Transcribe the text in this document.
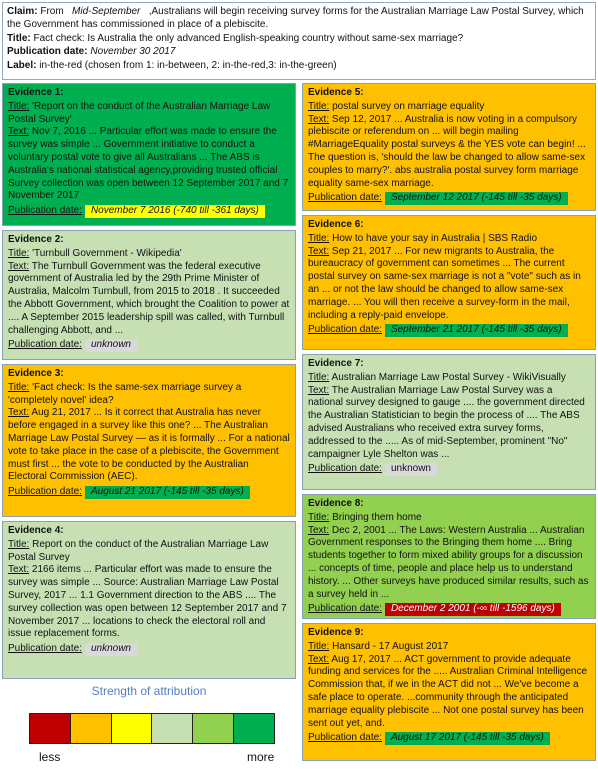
Claim: From Mid-September ,Australians will begin receiving survey forms for the Australian Marriage Law Postal Survey, which the Government has commissioned in place of a plebiscite.

Title: Fact check: Is Australia the only advanced English-speaking country without same-sex marriage?

Publication date: November 30 2017

Label: in-the-red (chosen from 1: in-between, 2: in-the-red,3: in-the-green)

Evidence 1:

Title: 'Report on the conduct of the Australian Marriage Law Postal Survey'

Text: Nov 7, 2016 ... Particular effort was made to ensure the survey was simple ... Government initiative to conduct a voluntary postal vote to give all Australians ... The ABS is Australia's national statistical agency,providing trusted official Survey collection was open between 12 September 2017 and 7 November 2017

Publication date: November 7 2016 (-740 till -361 days)
Evidence 2:

Title: 'Turnbull Government - Wikipedia'

Text: The Turnbull Government was the federal executive government of Australia led by the 29th Prime Minister of Australia, Malcolm Turnbull, from 2015 to 2018 . It succeeded the Abbott Government, which brought the Coalition to power at .... A September 2015 leadership spill was called, with Turnbull challenging Abbott, and ...

Publication date: unknown
Evidence 3:

Title: 'Fact check: Is the same-sex marriage survey a 'completely novel' idea?

Text: Aug 21, 2017 ... Is it correct that Australia has never before engaged in a survey like this one? ... The Australian Marriage Law Postal Survey — as it is formally ... For a national vote to take place in the case of a plebiscite, the Government must first ... the vote to be conducted by the Australian Electoral Commission (AEC).

Publication date: August 21 2017 (-145 till -35 days)
Evidence 4:

Title: Report on the conduct of the Australian Marriage Law Postal Survey

Text: 2166 items ... Particular effort was made to ensure the survey was simple ... Source: Australian Marriage Law Postal Survey, 2017 ... 1.1 Government direction to the ABS .... The survey collection was open between 12 September 2017 and 7 November 2017 ... locations to check the electoral roll and issue replacement forms.

Publication date: unknown
Evidence 5:

Title: postal survey on marriage equality

Text: Sep 12, 2017 ... Australia is now voting in a compulsory plebiscite or referendum on ... will begin mailing #MarriageEquality postal surveys & the YES vote can begin! ... The question is, 'should the law be changed to allow same-sex couples to marry?'. abs australia postal survey form marriage equality same-sex marriage.

Publication date: September 12 2017 (-145 till -35 days)
Evidence 6:

Title: How to have your say in Australia | SBS Radio

Text: Sep 21, 2017 ... For new migrants to Australia, the bureaucracy of government can sometimes ... The current postal survey on same-sex marriage is not a "vote" such as in an ... or not the law should be changed to allow same-sex marriage. ... You will then receive a survey-form in the mail, including a reply-paid envelope.

Publication date: September 21 2017 (-145 till -35 days)
Evidence 7:

Title: Australian Marriage Law Postal Survey - WikiVisually

Text: The Australian Marriage Law Postal Survey was a national survey designed to gauge .... the government directed the Australian Statistician to begin the process of .... The ABS advised Australians who received extra survey forms, addressed to the ..... As of mid-September, prominent "No" campaigner Lyle Shelton was ...

Publication date: unknown
Evidence 8:

Title: Bringing them home

Text: Dec 2, 2001 ... The Laws: Western Australia ... Australian Government responses to the Bringing them home .... Bring students together to form mixed ability groups for a discussion ... concepts of time, people and place help us to understand history. ... Other surveys have produced similar results, such as a survey held in ...

Publication date: December 2 2001 (-∞ till -1596 days)
Evidence 9:

Title: Hansard - 17 August 2017

Text: Aug 17, 2017 ... ACT government to provide adequate funding and services for the ..... Australian Criminal Intelligence Commission that, if we in the ACT did not ... We've become a safe place to operate. ...community through the anticipated marriage equality plebiscite ... Not one postal survey has been sent out yet, and.

Publication date: August 17 2017 (-145 till -35 days)
Strength of attribution
less	more
